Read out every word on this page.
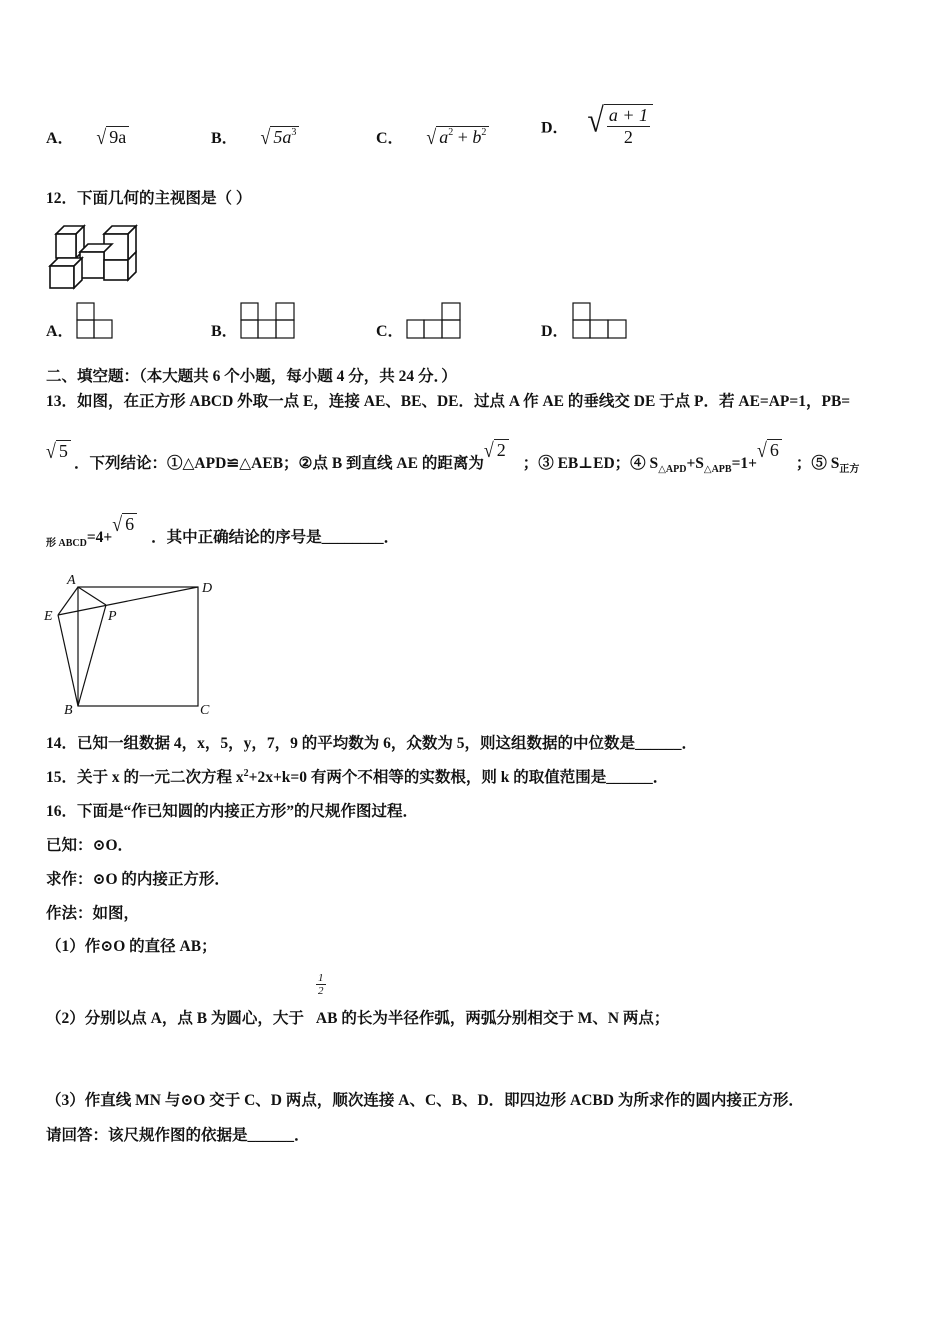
A． √ 9a	B． √ $5a^3$	C． √ $a^2 + b^2$	D． √ $\frac{a + 1}{2}$
12．下面几何的主视图是（ ）
A．	B．	C．	D．
二、填空题：（本大题共 6 个小题，每小题 4 分，共 24 分．）
13．如图，在正方形 ABCD 外取一点 E，连接 AE、BE、DE．过点 A 作 AE 的垂线交 DE 于点 P．若 AE=AP=1，PB=
√ 5
．下列结论：①△APD≌△AEB；②点 B 到直线 AE 的距离为√ 2；③ EB⊥ED；④ $S_{\triangle APD}+S_{\triangle APB}=1+√$ 6；⑤ $S_{正方}$
$_{形 ABCD}$=4+√ 6．其中正确结论的序号是________．
A
D
E	P
B	C
14．已知一组数据 4，x，5，y，7，9 的平均数为 6，众数为 5，则这组数据的中位数是______．
15．关于 x 的一元二次方程 $x^2+2x+k=0$ 有两个不相等的实数根，则 k 的取值范围是______．
16．下面是“作已知圆的内接正方形”的尺规作图过程．
已知：⊙O．
求作：⊙O 的内接正方形．
作法：如图，
（1）作⊙O 的直径 AB；
$\frac{1}{2}$
（2）分别以点 A，点 B 为圆心，大于 AB 的长为半径作弧，两弧分别相交于 M、N 两点；
（3）作直线 MN 与⊙O 交于 C、D 两点，顺次连接 A、C、B、D．即四边形 ACBD 为所求作的圆内接正方形．
请回答：该尺规作图的依据是______．
